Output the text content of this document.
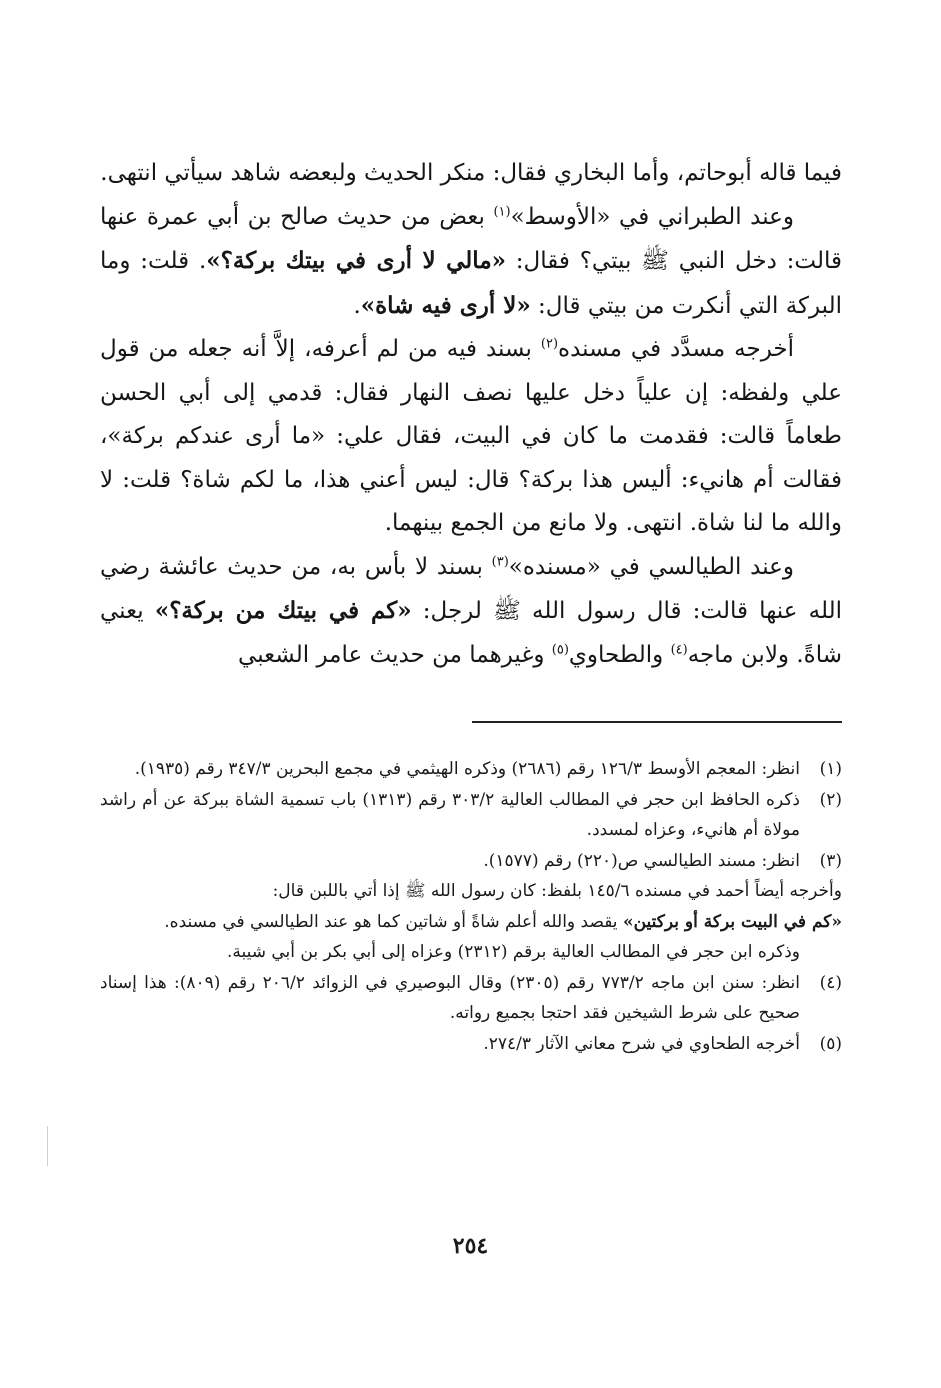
فيما قاله أبوحاتم، وأما البخاري فقال: منكر الحديث ولبعضه شاهد سيأتي انتهى.

وعند الطبراني في «الأوسط»$^{(١)}$ بعض من حديث صالح بن أبي عمرة عنها قالت: دخل النبي ﷺ بيتي؟ فقال: «مالي لا أرى في بيتك بركة؟». قلت: وما البركة التي أنكرت من بيتي قال: «لا أرى فيه شاة».

أخرجه مسدَّد في مسنده$^{(٢)}$ بسند فيه من لم أعرفه، إلاَّ أنه جعله من قول علي ولفظه: إن علياً دخل عليها نصف النهار فقال: قدمي إلى أبي الحسن طعاماً قالت: فقدمت ما كان في البيت، فقال علي: «ما أرى عندكم بركة»، فقالت أم هانيء: أليس هذا بركة؟ قال: ليس أعني هذا، ما لكم شاة؟ قلت: لا والله ما لنا شاة. انتهى. ولا مانع من الجمع بينهما.

وعند الطيالسي في «مسنده»$^{(٣)}$ بسند لا بأس به، من حديث عائشة رضي الله عنها قالت: قال رسول الله ﷺ لرجل: «كم في بيتك من بركة؟» يعني شاةً. ولابن ماجه$^{(٤)}$ والطحاوي$^{(٥)}$ وغيرهما من حديث عامر الشعبي

(١)

انظر: المعجم الأوسط ١٢٦/٣ رقم (٢٦٨٦) وذكره الهيثمي في مجمع البحرين ٣٤٧/٣ رقم (١٩٣٥).

(٢)

ذكره الحافظ ابن حجر في المطالب العالية ٣٠٣/٢ رقم (١٣١٣) باب تسمية الشاة ببركة عن أم راشد مولاة أم هانيء، وعزاه لمسدد.

(٣)

انظر: مسند الطيالسي ص(٢٢٠) رقم (١٥٧٧).

وأخرجه أيضاً أحمد في مسنده ١٤٥/٦ بلفظ: كان رسول الله ﷺ إذا أتي باللبن قال:
«كم في البيت بركة أو بركتين» يقصد والله أعلم شاةً أو شاتين كما هو عند الطيالسي في مسنده.

وذكره ابن حجر في المطالب العالية برقم (٢٣١٢) وعزاه إلى أبي بكر بن أبي شيبة.

(٤)

انظر: سنن ابن ماجه ٧٧٣/٢ رقم (٢٣٠٥) وقال البوصيري في الزوائد ٢٠٦/٢ رقم (٨٠٩): هذا إسناد صحيح على شرط الشيخين فقد احتجا بجميع رواته.

(٥)

أخرجه الطحاوي في شرح معاني الآثار ٢٧٤/٣.

٢٥٤
